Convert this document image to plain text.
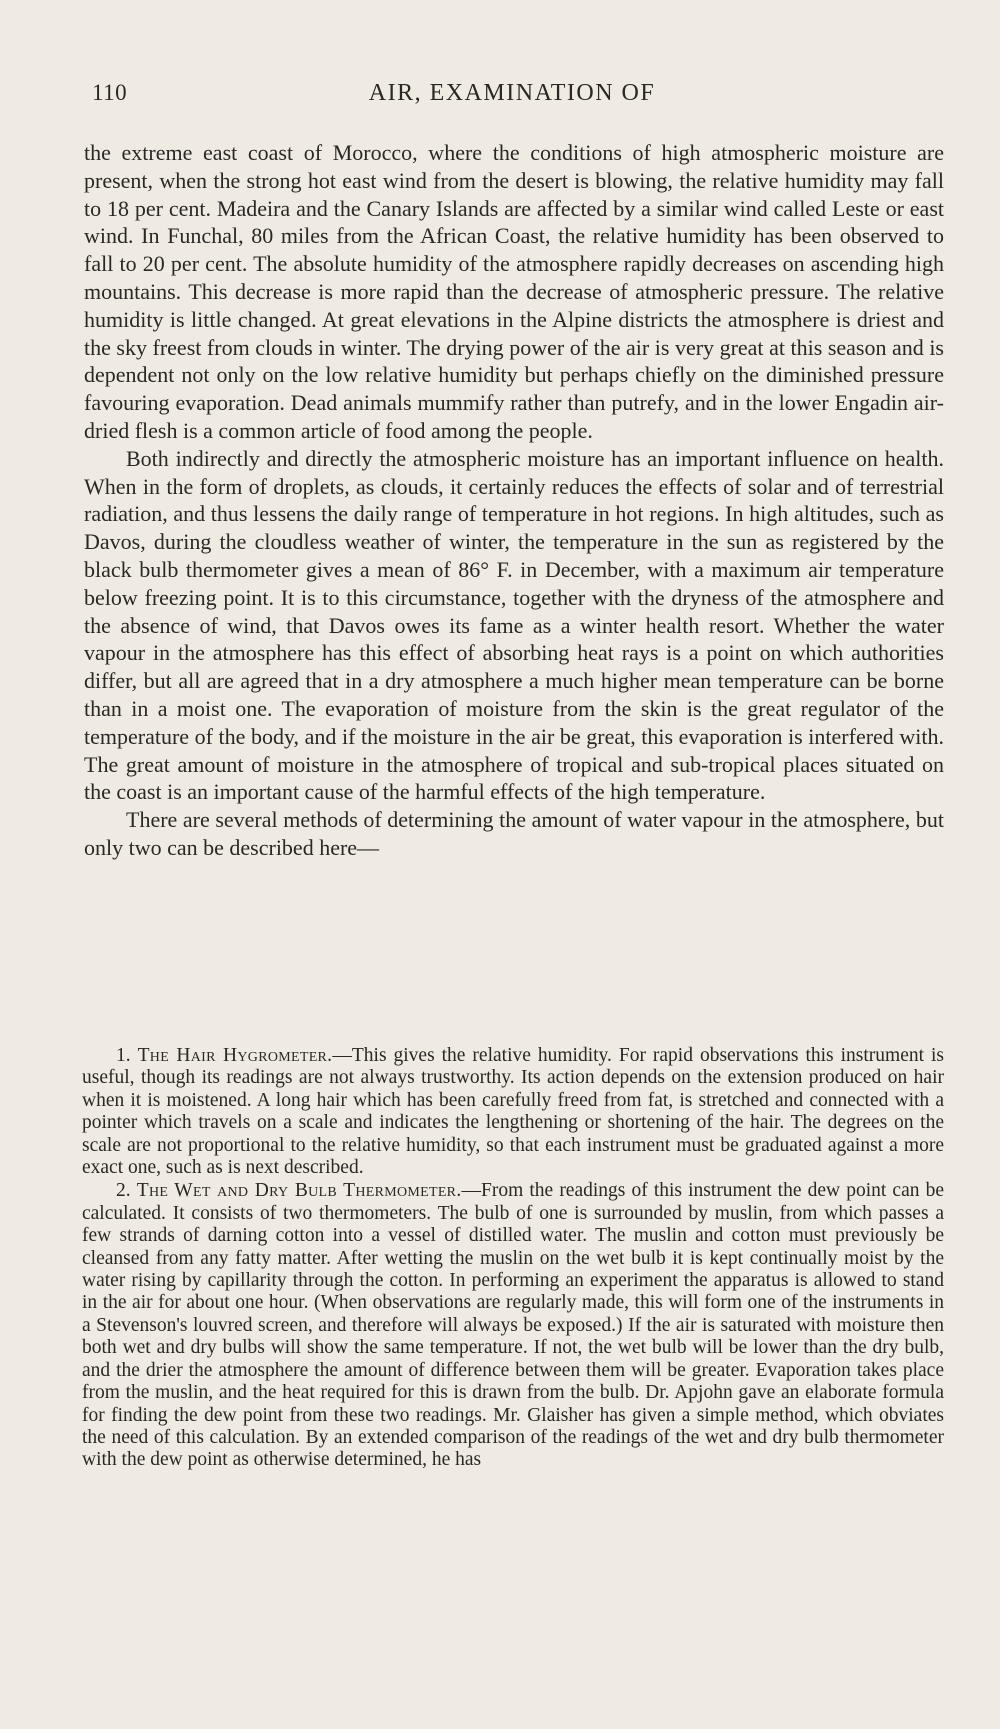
110	AIR, EXAMINATION OF

the extreme east coast of Morocco, where the conditions of high atmospheric moisture are present, when the strong hot east wind from the desert is blowing, the relative humidity may fall to 18 per cent. Madeira and the Canary Islands are affected by a similar wind called Leste or east wind. In Funchal, 80 miles from the African Coast, the relative humidity has been observed to fall to 20 per cent. The absolute humidity of the atmosphere rapidly decreases on ascending high mountains. This decrease is more rapid than the decrease of atmospheric pressure. The relative humidity is little changed. At great elevations in the Alpine districts the atmosphere is driest and the sky freest from clouds in winter. The drying power of the air is very great at this season and is dependent not only on the low relative humidity but perhaps chiefly on the diminished pressure favouring evaporation. Dead animals mummify rather than putrefy, and in the lower Engadin air-dried flesh is a common article of food among the people.

Both indirectly and directly the atmospheric moisture has an important influence on health. When in the form of droplets, as clouds, it certainly reduces the effects of solar and of terrestrial radiation, and thus lessens the daily range of temperature in hot regions. In high altitudes, such as Davos, during the cloudless weather of winter, the temperature in the sun as registered by the black bulb thermometer gives a mean of 86° F. in December, with a maximum air temperature below freezing point. It is to this circumstance, together with the dryness of the atmosphere and the absence of wind, that Davos owes its fame as a winter health resort. Whether the water vapour in the atmosphere has this effect of absorbing heat rays is a point on which authorities differ, but all are agreed that in a dry atmosphere a much higher mean temperature can be borne than in a moist one. The evaporation of moisture from the skin is the great regulator of the temperature of the body, and if the moisture in the air be great, this evaporation is interfered with. The great amount of moisture in the atmosphere of tropical and sub-tropical places situated on the coast is an important cause of the harmful effects of the high temperature.

There are several methods of determining the amount of water vapour in the atmosphere, but only two can be described here—

1. The Hair Hygrometer.—This gives the relative humidity. For rapid observations this instrument is useful, though its readings are not always trustworthy. Its action depends on the extension produced on hair when it is moistened. A long hair which has been carefully freed from fat, is stretched and connected with a pointer which travels on a scale and indicates the lengthening or shortening of the hair. The degrees on the scale are not proportional to the relative humidity, so that each instrument must be graduated against a more exact one, such as is next described.

2. The Wet and Dry Bulb Thermometer.—From the readings of this instrument the dew point can be calculated. It consists of two thermometers. The bulb of one is surrounded by muslin, from which passes a few strands of darning cotton into a vessel of distilled water. The muslin and cotton must previously be cleansed from any fatty matter. After wetting the muslin on the wet bulb it is kept continually moist by the water rising by capillarity through the cotton. In performing an experiment the apparatus is allowed to stand in the air for about one hour. (When observations are regularly made, this will form one of the instruments in a Stevenson's louvred screen, and therefore will always be exposed.) If the air is saturated with moisture then both wet and dry bulbs will show the same temperature. If not, the wet bulb will be lower than the dry bulb, and the drier the atmosphere the amount of difference between them will be greater. Evaporation takes place from the muslin, and the heat required for this is drawn from the bulb. Dr. Apjohn gave an elaborate formula for finding the dew point from these two readings. Mr. Glaisher has given a simple method, which obviates the need of this calculation. By an extended comparison of the readings of the wet and dry bulb thermometer with the dew point as otherwise determined, he has
